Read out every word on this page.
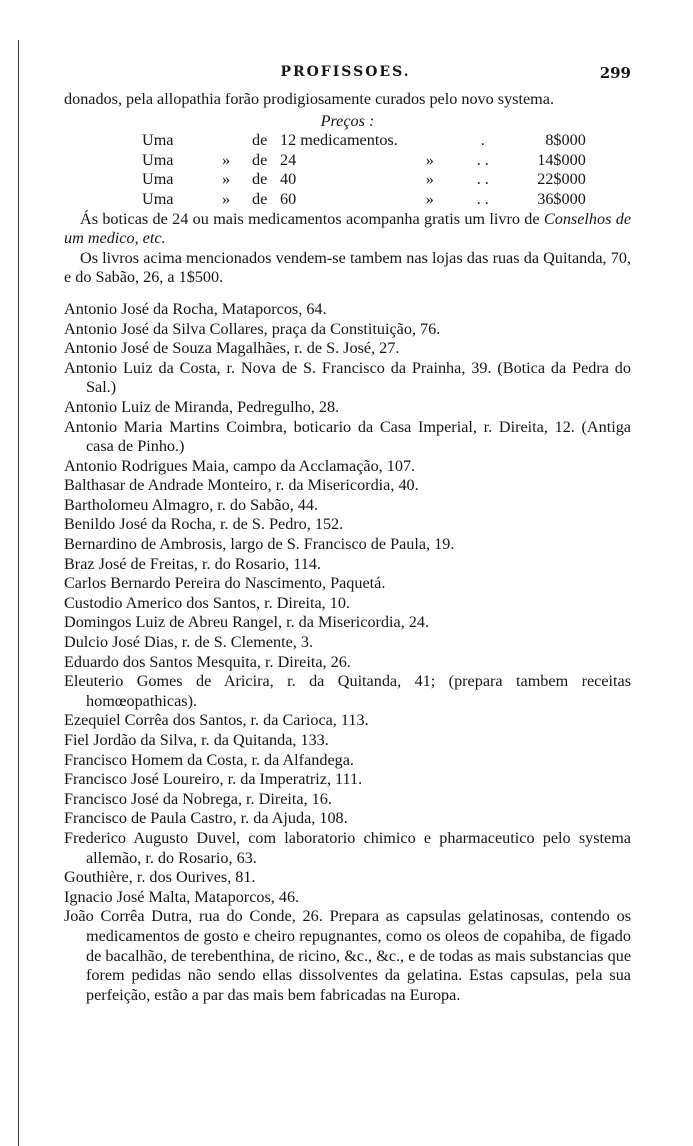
PROFISSOES.	299
donados, pela allopathia forão prodigiosamente curados pelo novo systema.
Preços :
Uma		de	12 medicamentos.		.	8$000
Uma	»	de	24	»	. .	14$000
Uma	»	de	40	»	. .	22$000
Uma	»	de	60	»	. .	36$000
Ás boticas de 24 ou mais medicamentos acompanha gratis um livro de Conselhos de um medico, etc.
Os livros acima mencionados vendem-se tambem nas lojas das ruas da Quitanda, 70, e do Sabão, 26, a 1$500.
Antonio José da Rocha, Mataporcos, 64.
Antonio José da Silva Collares, praça da Constituição, 76.
Antonio José de Souza Magalhães, r. de S. José, 27.
Antonio Luiz da Costa, r. Nova de S. Francisco da Prainha, 39. (Botica da Pedra do Sal.)
Antonio Luiz de Miranda, Pedregulho, 28.
Antonio Maria Martins Coimbra, boticario da Casa Imperial, r. Direita, 12. (Antiga casa de Pinho.)
Antonio Rodrigues Maia, campo da Acclamação, 107.
Balthasar de Andrade Monteiro, r. da Misericordia, 40.
Bartholomeu Almagro, r. do Sabão, 44.
Benildo José da Rocha, r. de S. Pedro, 152.
Bernardino de Ambrosis, largo de S. Francisco de Paula, 19.
Braz José de Freitas, r. do Rosario, 114.
Carlos Bernardo Pereira do Nascimento, Paquetá.
Custodio Americo dos Santos, r. Direita, 10.
Domingos Luiz de Abreu Rangel, r. da Misericordia, 24.
Dulcio José Dias, r. de S. Clemente, 3.
Eduardo dos Santos Mesquita, r. Direita, 26.
Eleuterio Gomes de Aricira, r. da Quitanda, 41; (prepara tambem receitas homœopathicas).
Ezequiel Corrêa dos Santos, r. da Carioca, 113.
Fiel Jordão da Silva, r. da Quitanda, 133.
Francisco Homem da Costa, r. da Alfandega.
Francisco José Loureiro, r. da Imperatriz, 111.
Francisco José da Nobrega, r. Direita, 16.
Francisco de Paula Castro, r. da Ajuda, 108.
Frederico Augusto Duvel, com laboratorio chimico e pharmaceutico pelo systema allemão, r. do Rosario, 63.
Gouthière, r. dos Ourives, 81.
Ignacio José Malta, Mataporcos, 46.
João Corrêa Dutra, rua do Conde, 26. Prepara as capsulas gelatinosas, contendo os medicamentos de gosto e cheiro repugnantes, como os oleos de copahiba, de figado de bacalhão, de terebenthina, de ricino, &c., &c., e de todas as mais substancias que forem pedidas não sendo ellas dissolventes da gelatina. Estas capsulas, pela sua perfeição, estão a par das mais bem fabricadas na Europa.
